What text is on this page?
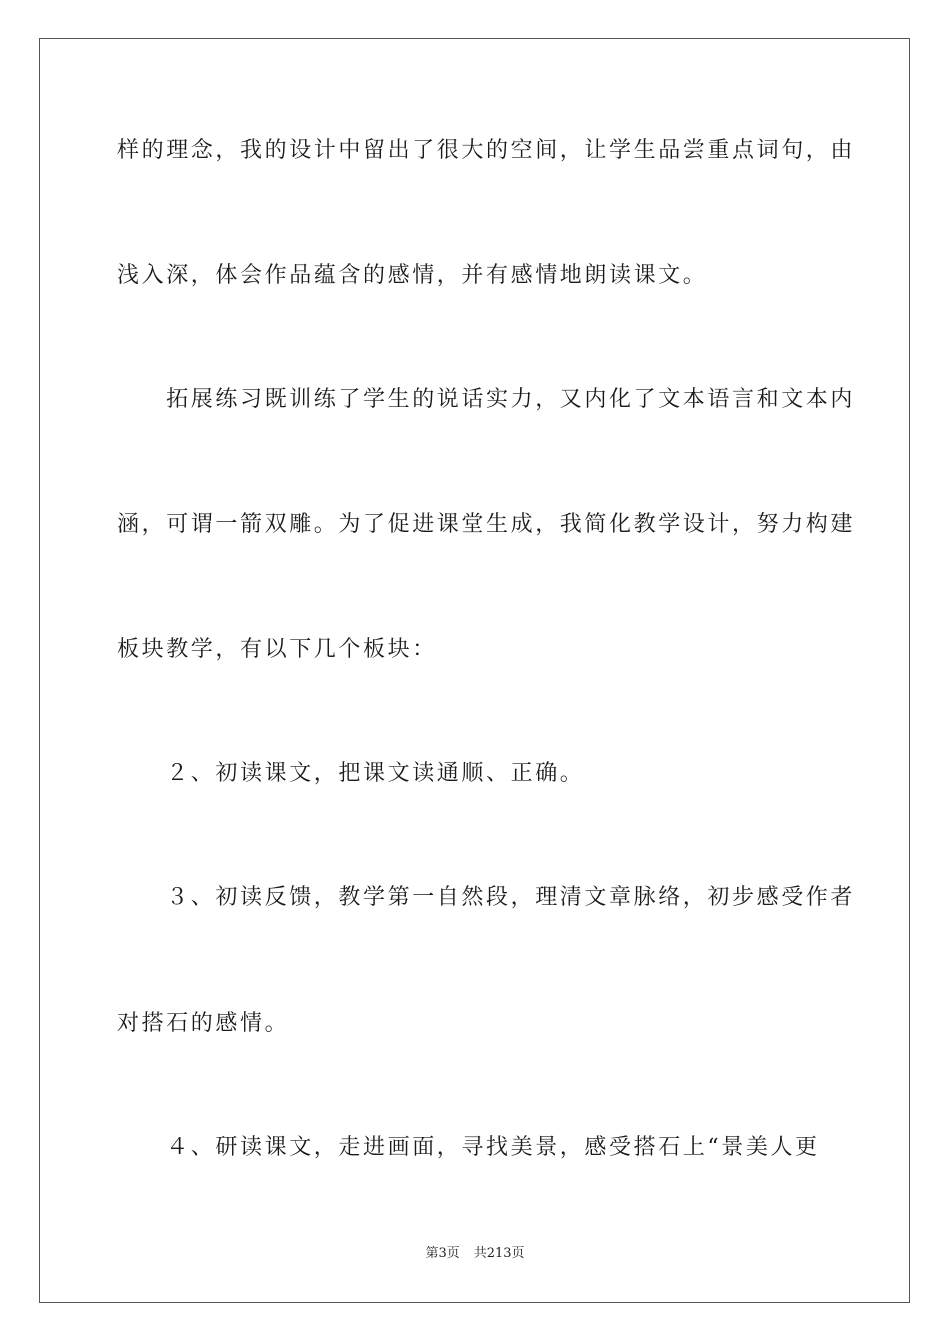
样的理念，我的设计中留出了很大的空间，让学生品尝重点词句，由
浅入深，体会作品蕴含的感情，并有感情地朗读课文。
　　拓展练习既训练了学生的说话实力，又内化了文本语言和文本内
涵，可谓一箭双雕。为了促进课堂生成，我简化教学设计，努力构建
板块教学，有以下几个板块：
　　２、初读课文，把课文读通顺、正确。
　　３、初读反馈，教学第一自然段，理清文章脉络，初步感受作者
对搭石的感情。
　　４、研读课文，走进画面，寻找美景，感受搭石上“景美人更
第3页 共213页
